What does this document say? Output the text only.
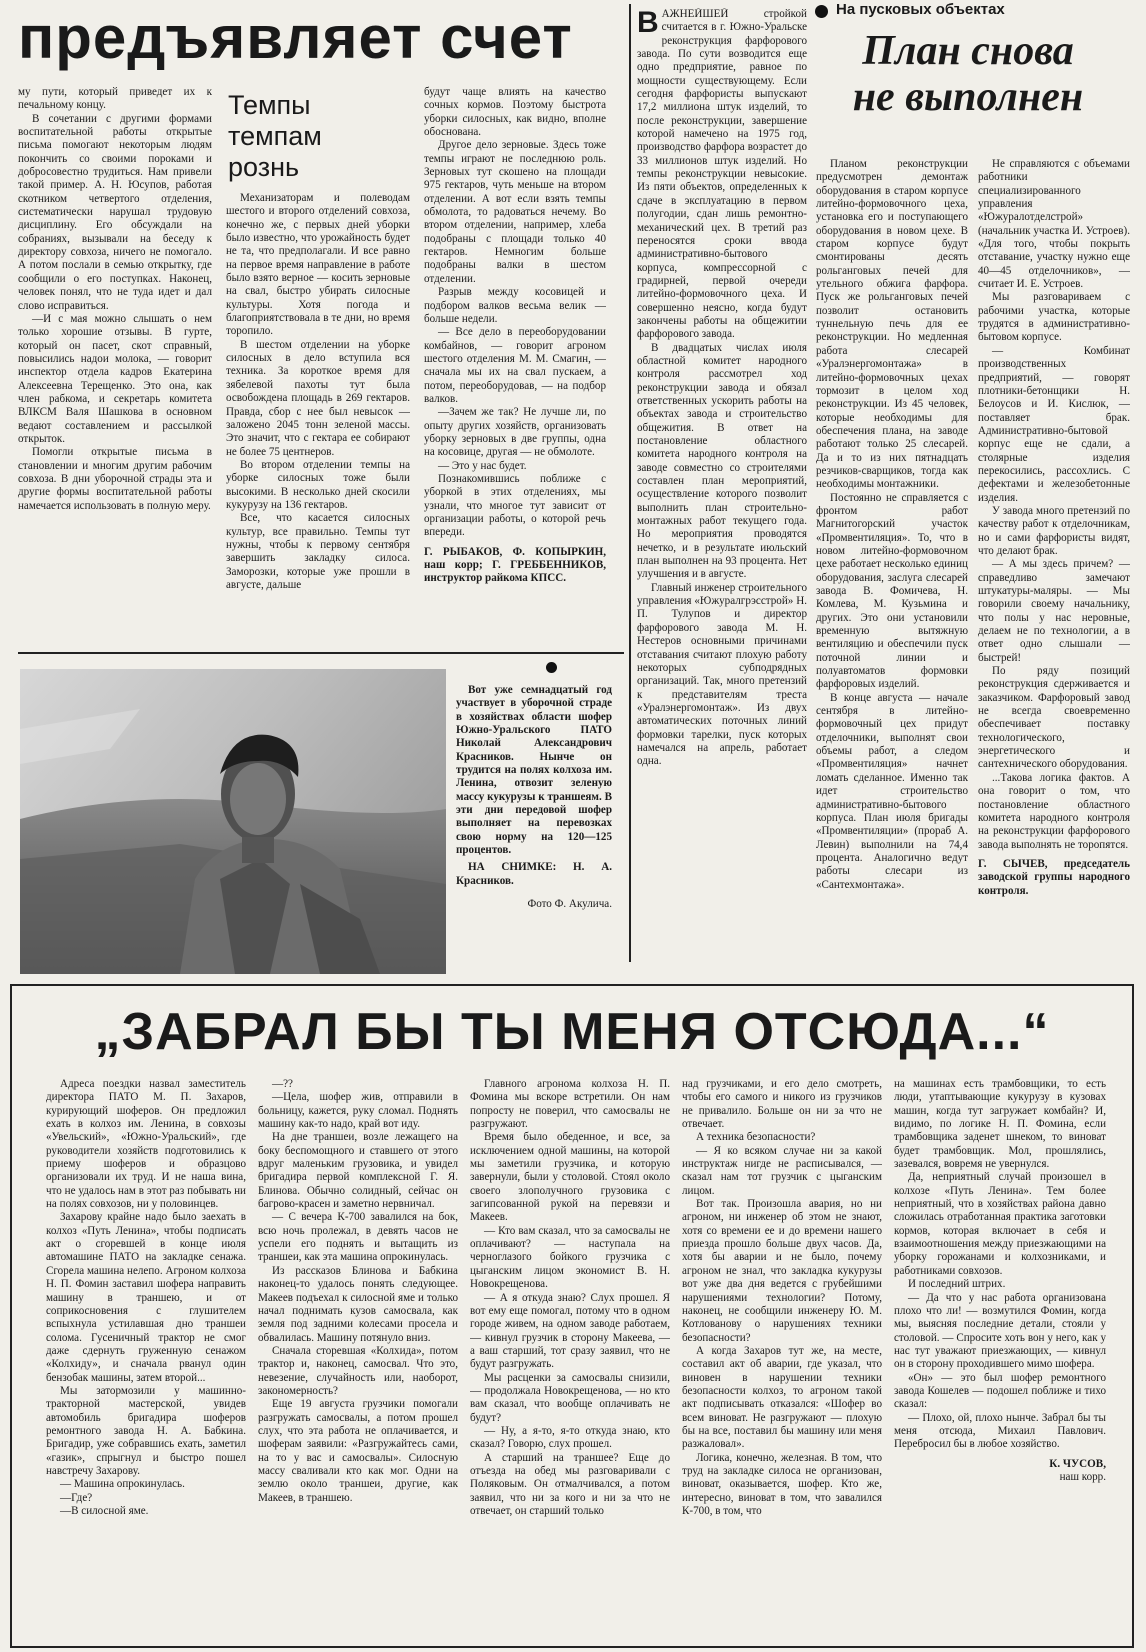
предъявляет счет

му пути, который приведет их к печальному концу.

В сочетании с другими формами воспитательной работы открытые письма помогают некоторым людям покончить со своими пороками и добросовестно трудиться. Нам привели такой пример. А. Н. Юсупов, работая скотником четвертого отделения, систематически нарушал трудовую дисциплину. Его обсуждали на собраниях, вызывали на беседу к директору совхоза, ничего не помогало. А потом послали в семью открытку, где сообщили о его поступках. Наконец, человек понял, что не туда идет и дал слово исправиться.

—И с мая можно слышать о нем только хорошие отзывы. В гурте, который он пасет, скот справный, повысились надои молока, — говорит инспектор отдела кадров Екатерина Алексеевна Терещенко. Это она, как член рабкома, и секретарь комитета ВЛКСМ Валя Шашкова в основном ведают составлением и рассылкой открыток.

Помогли открытые письма в становлении и многим другим рабочим совхоза. В дни уборочной страды эта и другие формы воспитательной работы намечается использовать в полную меру.

Темпы
темпам
рознь

Механизаторам и полеводам шестого и второго отделений совхоза, конечно же, с первых дней уборки было известно, что урожайность будет не та, что предполагали. И все равно на первое время направление в работе было взято верное — косить зерновые на свал, быстро убирать силосные культуры. Хотя погода и благоприятствовала в те дни, но время торопило.

В шестом отделении на уборке силосных в дело вступила вся техника. За короткое время для зябелевой пахоты тут была освобождена площадь в 269 гектаров. Правда, сбор с нее был невысок — заложено 2045 тонн зеленой массы. Это значит, что с гектара ее собирают не более 75 центнеров.

Во втором отделении темпы на уборке силосных тоже были высокими. В несколько дней скосили кукурузу на 136 гектаров.

Все, что касается силосных культур, все правильно. Темпы тут нужны, чтобы к первому сентября завершить закладку силоса. Заморозки, которые уже прошли в августе, дальше

будут чаще влиять на качество сочных кормов. Поэтому быстрота уборки силосных, как видно, вполне обоснована.

Другое дело зерновые. Здесь тоже темпы играют не последнюю роль. Зерновых тут скошено на площади 975 гектаров, чуть меньше на втором отделении. А вот если взять темпы обмолота, то радоваться нечему. Во втором отделении, например, хлеба подобраны с площади только 40 гектаров. Немногим больше подобраны валки в шестом отделении.

Разрыв между косовицей и подбором валков весьма велик — больше недели.

— Все дело в переоборудовании комбайнов, — говорит агроном шестого отделения М. М. Смагин, — сначала мы их на свал пускаем, а потом, переоборудовав, — на подбор валков.

—Зачем же так? Не лучше ли, по опыту других хозяйств, организовать уборку зерновых в две группы, одна на косовице, другая — не обмолоте.

— Это у нас будет.

Познакомившись поближе с уборкой в этих отделениях, мы узнали, что многое тут зависит от организации работы, о которой речь впереди.

Г. РЫБАКОВ, Ф. КОПЫРКИН, наш корр; Г. ГРЕББЕННИКОВ, инструктор райкома КПСС.

Вот уже семнадцатый год участвует в уборочной страде в хозяйствах области шофер Южно-Уральского ПАТО Николай Александрович Красников. Нынче он трудится на полях колхоза им. Ленина, отвозит зеленую массу кукурузы к траншеям. В эти дни передовой шофер выполняет на перевозках свою норму на 120—125 процентов.

НА СНИМКЕ: Н. А. Красников.

Фото Ф. Акулича.

На пусковых объектах
План снова
не выполнен

ВАЖНЕЙШЕЙ стройкой считается в г. Южно-Уральске реконструкция фарфорового завода. По сути возводится еще одно предприятие, равное по мощности существующему. Если сегодня фарфористы выпускают 17,2 миллиона штук изделий, то после реконструкции, завершение которой намечено на 1975 год, производство фарфора возрастет до 33 миллионов штук изделий. Но темпы реконструкции невысокие. Из пяти объектов, определенных к сдаче в эксплуатацию в первом полугодии, сдан лишь ремонтно-механический цех. В третий раз переносятся сроки ввода административно-бытового корпуса, компрессорной с градирней, первой очереди литейно-формовочного цеха. И совершенно неясно, когда будут закончены работы на общежитии фарфорового завода.

В двадцатых числах июля областной комитет народного контроля рассмотрел ход реконструкции завода и обязал ответственных ускорить работы на объектах завода и строительство общежития. В ответ на постановление областного комитета народного контроля на заводе совместно со строителями составлен план мероприятий, осуществление которого позволит выполнить план строительно-монтажных работ текущего года. Но мероприятия проводятся нечетко, и в результате июльский план выполнен на 93 процента. Нет улучшения и в августе.

Главный инженер строительного управления «Южуралгрэсстрой» Н. П. Тулупов и директор фарфорового завода М. Н. Нестеров основными причинами отставания считают плохую работу некоторых субподрядных организаций. Так, много претензий к представителям треста «Уралэнергомонтаж». Из двух автоматических поточных линий формовки тарелки, пуск которых намечался на апрель, работает одна.

Планом реконструкции предусмотрен демонтаж оборудования в старом корпусе литейно-формовочного цеха, установка его и поступающего оборудования в новом цехе. В старом корпусе будут смонтированы десять рольганговых печей для утельного обжига фарфора. Пуск же рольганговых печей позволит остановить туннельную печь для ее реконструкции. Но медленная работа слесарей «Уралэнергомонтажа» в литейно-формовочных цехах тормозит в целом ход реконструкции. Из 45 человек, которые необходимы для обеспечения плана, на заводе работают только 25 слесарей. Да и то из них пятнадцать резчиков-сварщиков, тогда как необходимы монтажники.

Постоянно не справляется с фронтом работ Магнитогорский участок «Промвентиляция». То, что в новом литейно-формовочном цехе работает несколько единиц оборудования, заслуга слесарей завода В. Фомичева, Н. Комлева, М. Кузьмина и других. Это они установили временную вытяжную вентиляцию и обеспечили пуск поточной линии и полуавтоматов формовки фарфоровых изделий.

В конце августа — начале сентября в литейно-формовочный цех придут отделочники, выполнят свои объемы работ, а следом «Промвентиляция» начнет ломать сделанное. Именно так идет строительство административно-бытового корпуса. План июля бригады «Промвентиляции» (прораб А. Левин) выполнили на 74,4 процента. Аналогично ведут работы слесари из «Сантехмонтажа».

Не справляются с объемами работники специализированного управления «Южуралотделстрой» (начальник участка И. Устроев). «Для того, чтобы покрыть отставание, участку нужно еще 40—45 отделочников», — считает И. Е. Устроев.

Мы разговариваем с рабочими участка, которые трудятся в административно-бытовом корпусе.

— Комбинат производственных предприятий, — говорят плотники-бетонщики Н. Белоусов и И. Кислюк, — поставляет брак. Административно-бытовой корпус еще не сдали, а столярные изделия перекосились, рассохлись. С дефектами и железобетонные изделия.

У завода много претензий по качеству работ к отделочникам, но и сами фарфористы видят, что делают брак.

— А мы здесь причем? — справедливо замечают штукатуры-маляры. — Мы говорили своему начальнику, что полы у нас неровные, делаем не по технологии, а в ответ одно слышали — быстрей!

По ряду позиций реконструкция сдерживается и заказчиком. Фарфоровый завод не всегда своевременно обеспечивает поставку технологического, энергетического и сантехнического оборудования.

...Такова логика фактов. А она говорит о том, что постановление областного комитета народного контроля на реконструкции фарфорового завода выполнять не торопятся.

Г. СЫЧЕВ, председатель заводской группы народного контроля.

„ЗАБРАЛ БЫ ТЫ МЕНЯ ОТСЮДА...“

Адреса поездки назвал заместитель директора ПАТО М. П. Захаров, курирующий шоферов. Он предложил ехать в колхоз им. Ленина, в совхозы «Увельский», «Южно-Уральский», где руководители хозяйств подготовились к приему шоферов и образцово организовали их труд. И не наша вина, что не удалось нам в этот раз побывать ни на полях совхозов, ни у половинцев.

Захарову крайне надо было заехать в колхоз «Путь Ленина», чтобы подписать акт о сгоревшей в конце июля автомашине ПАТО на закладке сенажа. Сгорела машина нелепо. Агроном колхоза Н. П. Фомин заставил шофера направить машину в траншею, и от соприкосновения с глушителем вспыхнула устилавшая дно траншеи солома. Гусеничный трактор не смог даже сдернуть груженную сенажом «Колхиду», и сначала рванул один бензобак машины, затем второй...

Мы затормозили у машинно-тракторной мастерской, увидев автомобиль бригадира шоферов ремонтного завода Н. А. Бабкина. Бригадир, уже собравшись ехать, заметил «газик», спрыгнул и быстро пошел навстречу Захарову.

— Машина опрокинулась.

—Где?

—В силосной яме.

—??

—Цела, шофер жив, отправили в больницу, кажется, руку сломал. Поднять машину как-то надо, край вот иду.

На дне траншеи, возле лежащего на боку беспомощного и ставшего от этого вдруг маленьким грузовика, и увидел бригадира первой комплексной Г. Я. Блинова. Обычно солидный, сейчас он багрово-красен и заметно нервничал.

— С вечера К-700 завалился на бок, всю ночь пролежал, в девять часов не успели его поднять и вытащить из траншеи, как эта машина опрокинулась.

Из рассказов Блинова и Бабкина наконец-то удалось понять следующее. Макеев подъехал к силосной яме и только начал поднимать кузов самосвала, как земля под задними колесами просела и обвалилась. Машину потянуло вниз.

Сначала сторевшая «Колхида», потом трактор и, наконец, самосвал. Что это, невезение, случайность или, наоборот, закономерность?

Еще 19 августа грузчики помогали разгружать самосвалы, а потом прошел слух, что эта работа не оплачивается, и шоферам заявили: «Разгружайтесь сами, на то у вас и самосвалы». Силосную массу сваливали кто как мог. Одни на землю около траншеи, другие, как Макеев, в траншею.

Главного агронома колхоза Н. П. Фомина мы вскоре встретили. Он нам попросту не поверил, что самосвалы не разгружают.

Время было обеденное, и все, за исключением одной машины, на которой мы заметили грузчика, и которую завернули, были у столовой. Стоял около своего злополучного грузовика с загипсованной рукой на перевязи и Макеев.

— Кто вам сказал, что за самосвалы не оплачивают? — наступала на черноглазого бойкого грузчика с цыганским лицом экономист В. Н. Новокрещенова.

— А я откуда знаю? Слух прошел. Я вот ему еще помогал, потому что в одном городе живем, на одном заводе работаем, — кивнул грузчик в сторону Макеева, — а ваш старший, тот сразу заявил, что не будут разгружать.

Мы расценки за самосвалы снизили, — продолжала Новокрещенова, — но кто вам сказал, что вообще оплачивать не будут?

— Ну, а я-то, я-то откуда знаю, кто сказал? Говорю, слух прошел.

А старший на траншее? Еще до отъезда на обед мы разговаривали с Поляковым. Он отмалчивался, а потом заявил, что ни за кого и ни за что не отвечает, он старший только

над грузчиками, и его дело смотреть, чтобы его самого и никого из грузчиков не привалило. Больше он ни за что не отвечает.

А техника безопасности?

— Я ко всяком случае ни за какой инструктаж нигде не расписывался, — сказал нам тот грузчик с цыганским лицом.

Вот так. Произошла авария, но ни агроном, ни инженер об этом не знают, хотя со времени ее и до времени нашего приезда прошло больше двух часов. Да, хотя бы аварии и не было, почему агроном не знал, что закладка кукурузы вот уже два дня ведется с грубейшими нарушениями технологии? Потому, наконец, не сообщили инженеру Ю. М. Котлованову о нарушениях техники безопасности?

А когда Захаров тут же, на месте, составил акт об аварии, где указал, что виновен в нарушении техники безопасности колхоз, то агроном такой акт подписывать отказался: «Шофер во всем виноват. Не разгружают — плохую бы на все, поставил бы машину или меня разжаловал».

Логика, конечно, железная. В том, что труд на закладке силоса не организован, виноват, оказывается, шофер. Кто же, интересно, виноват в том, что завалился К-700, в том, что

на машинах есть трамбовщики, то есть люди, утаптывающие кукурузу в кузовах машин, когда тут загружает комбайн? И, видимо, по логике Н. П. Фомина, если трамбовщика заденет шнеком, то виноват будет трамбовщик. Мол, прошлялись, зазевался, вовремя не увернулся.

Да, неприятный случай произошел в колхозе «Путь Ленина». Тем более неприятный, что в хозяйствах района давно сложилась отработанная практика заготовки кормов, которая включает в себя и взаимоотношения между приезжающими на уборку горожанами и колхозниками, и работниками совхозов.

И последний штрих.

— Да что у нас работа организована плохо что ли! — возмутился Фомин, когда мы, выясняя последние детали, стояли у столовой. — Спросите хоть вон у него, как у нас тут уважают приезжающих, — кивнул он в сторону проходившего мимо шофера.

«Он» — это был шофер ремонтного завода Кошелев — подошел поближе и тихо сказал:

— Плохо, ой, плохо нынче. Забрал бы ты меня отсюда, Михаил Павлович. Перебросил бы в любое хозяйство.

К. ЧУСОВ,

наш корр.
